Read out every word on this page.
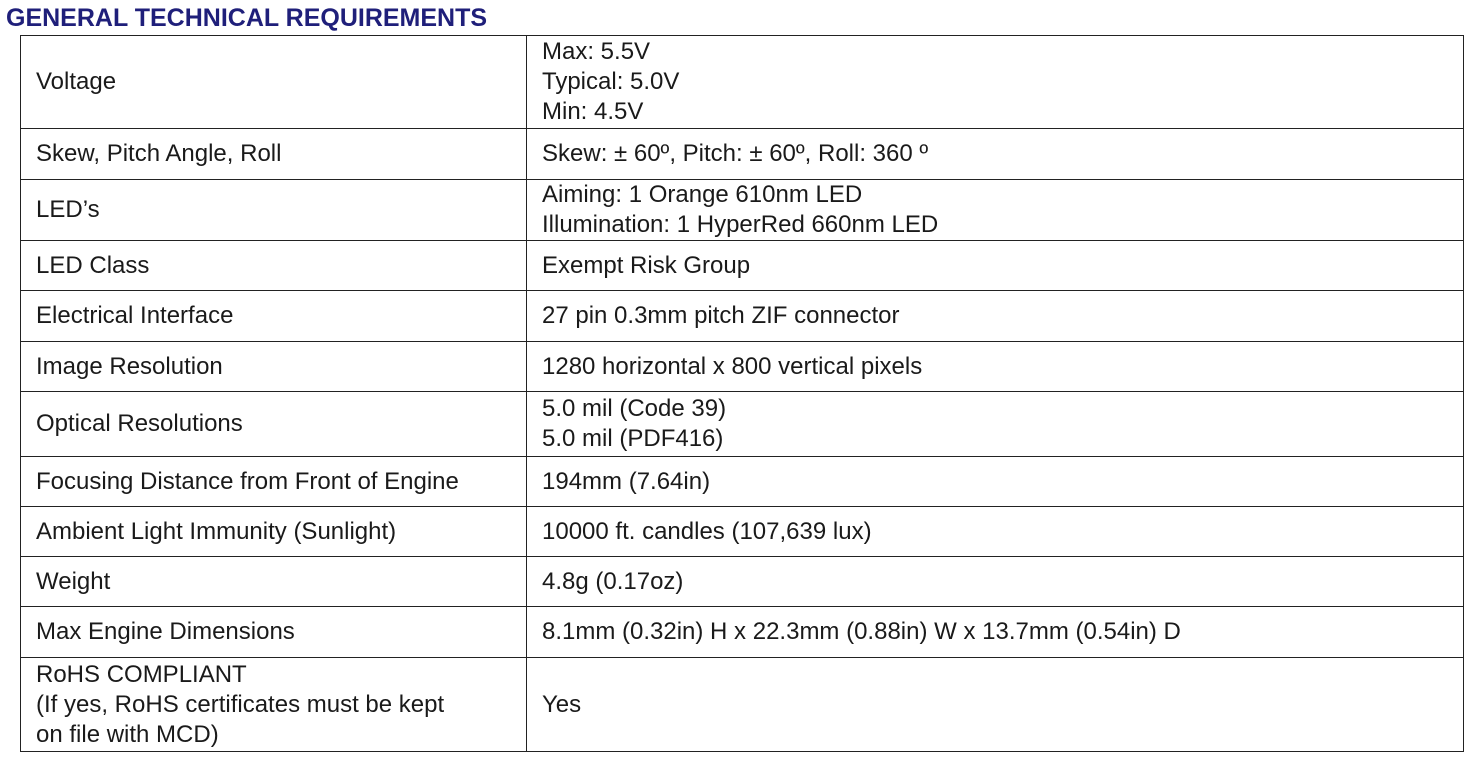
GENERAL TECHNICAL REQUIREMENTS
Voltage	Max: 5.5V
Typical: 5.0V
Min: 4.5V

Skew, Pitch Angle, Roll	Skew: ± 60º, Pitch: ± 60º, Roll: 360 º

LED’s	Aiming: 1 Orange 610nm LED
Illumination: 1 HyperRed 660nm LED

LED Class	Exempt Risk Group

Electrical Interface	27 pin 0.3mm pitch ZIF connector

Image Resolution	1280 horizontal x 800 vertical pixels

Optical Resolutions	5.0 mil (Code 39)
5.0 mil (PDF416)

Focusing Distance from Front of Engine	194mm (7.64in)

Ambient Light Immunity (Sunlight)	10000 ft. candles (107,639 lux)

Weight	4.8g (0.17oz)

Max Engine Dimensions	8.1mm (0.32in) H x 22.3mm (0.88in) W x 13.7mm (0.54in) D

RoHS COMPLIANT
(If yes, RoHS certificates must be kept
on file with MCD)	Yes
